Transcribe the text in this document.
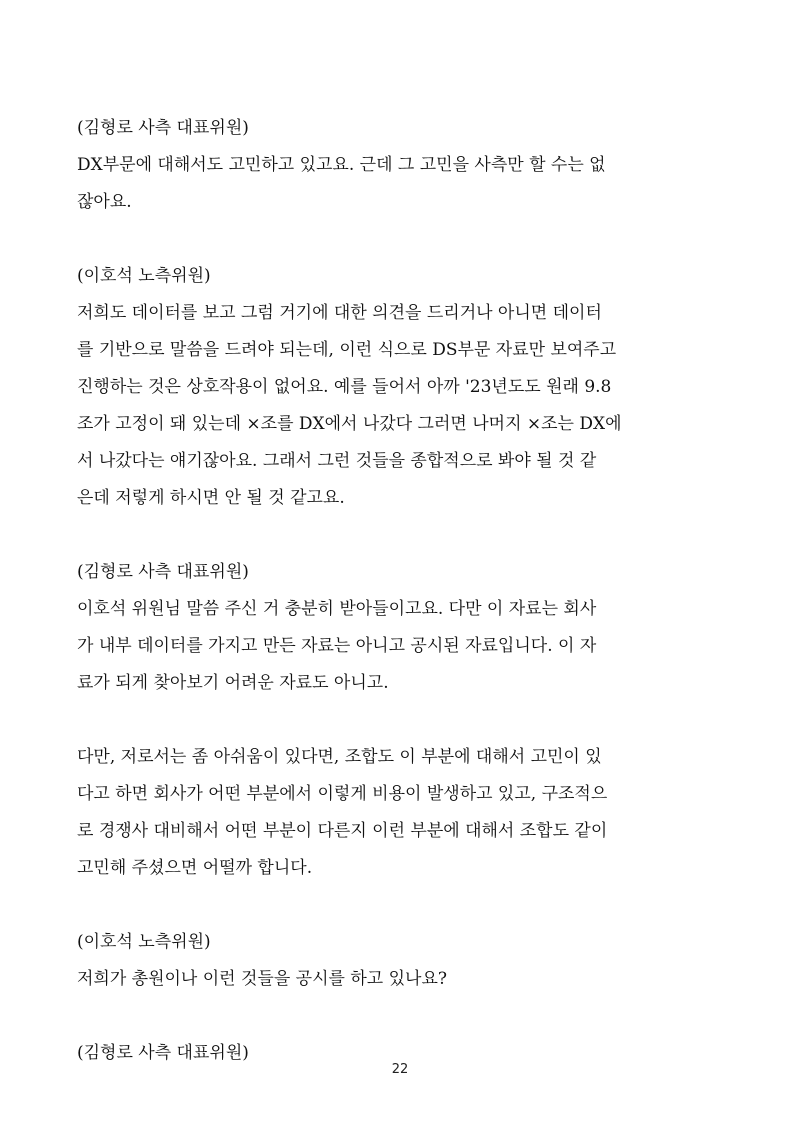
(김형로 사측 대표위원)
DX부문에 대해서도 고민하고 있고요. 근데 그 고민을 사측만 할 수는 없
잖아요.
(이호석 노측위원)
저희도 데이터를 보고 그럼 거기에 대한 의견을 드리거나 아니면 데이터
를 기반으로 말씀을 드려야 되는데, 이런 식으로 DS부문 자료만 보여주고
진행하는 것은 상호작용이 없어요. 예를 들어서 아까 '23년도도 원래 9.8
조가 고정이 돼 있는데 ×조를 DX에서 나갔다 그러면 나머지 ×조는 DX에
서 나갔다는 얘기잖아요. 그래서 그런 것들을 종합적으로 봐야 될 것 같
은데 저렇게 하시면 안 될 것 같고요.
(김형로 사측 대표위원)
이호석 위원님 말씀 주신 거 충분히 받아들이고요. 다만 이 자료는 회사
가 내부 데이터를 가지고 만든 자료는 아니고 공시된 자료입니다. 이 자
료가 되게 찾아보기 어려운 자료도 아니고.
다만, 저로서는 좀 아쉬움이 있다면, 조합도 이 부분에 대해서 고민이 있
다고 하면 회사가 어떤 부분에서 이렇게 비용이 발생하고 있고, 구조적으
로 경쟁사 대비해서 어떤 부분이 다른지 이런 부분에 대해서 조합도 같이
고민해 주셨으면 어떨까 합니다.
(이호석 노측위원)
저희가 총원이나 이런 것들을 공시를 하고 있나요?
(김형로 사측 대표위원)
22
